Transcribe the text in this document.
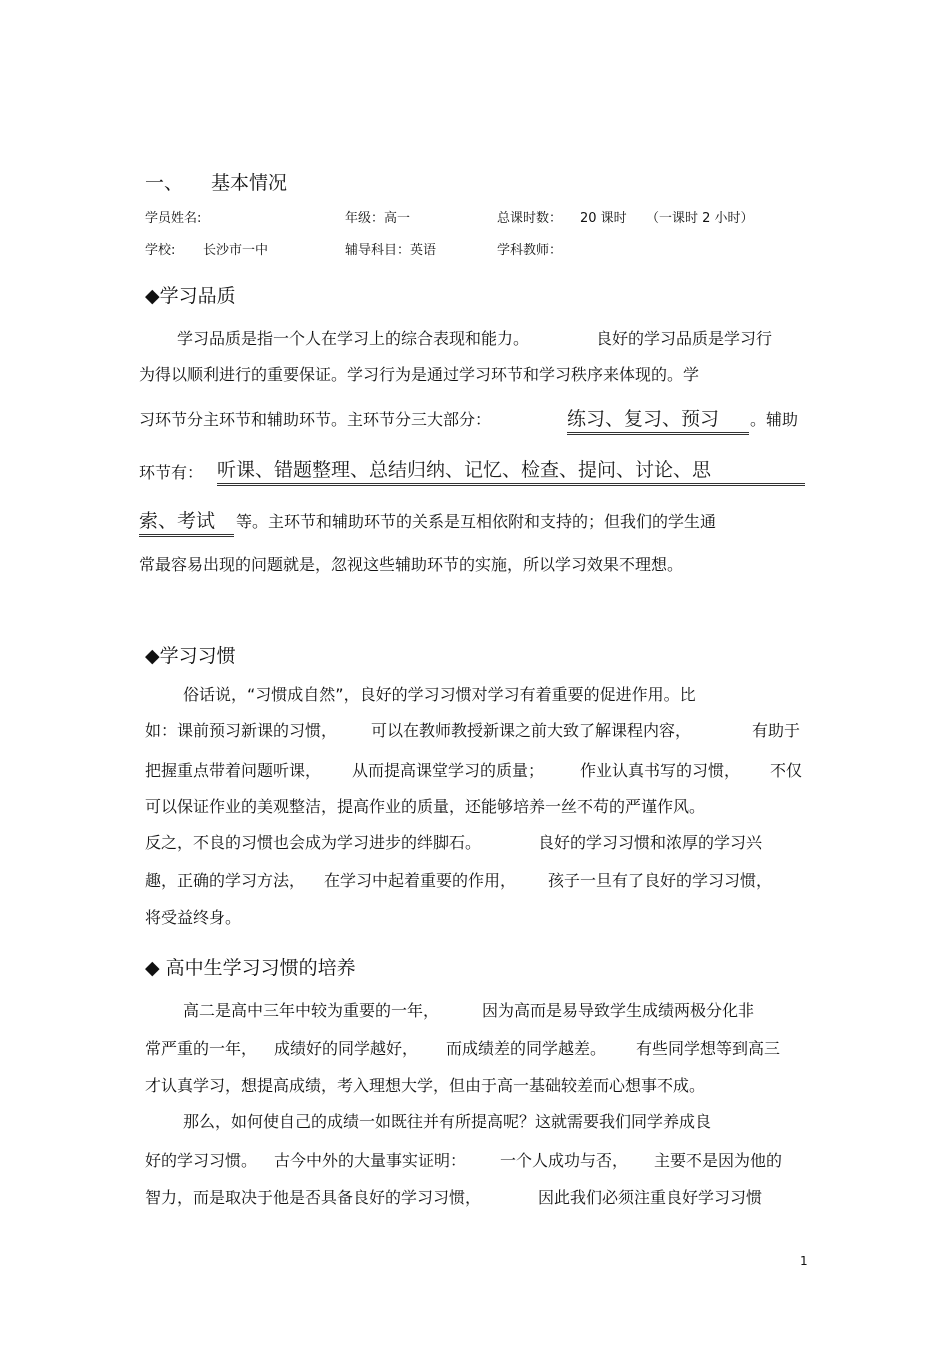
一、 基本情况
学员姓名:	年级：高一	总课时数： 20 课时 （一课时 2 小时）
学校: 长沙市一中	辅导科目：英语	学科教师：
◆学习品质
学习品质是指一个人在学习上的综合表现和能力。	良好的学习品质是学习行
为得以顺利进行的重要保证。学习行为是通过学习环节和学习秩序来体现的。学
习环节分主环节和辅助环节。主环节分三大部分：	练习、复习、预习	。辅助
环节有： 听课、错题整理、总结归纳、记忆、检查、提问、讨论、思
索、考试	等。主环节和辅助环节的关系是互相依附和支持的；但我们的学生通
常最容易出现的问题就是，忽视这些辅助环节的实施，所以学习效果不理想。
◆学习习惯
俗话说，“习惯成自然”，良好的学习习惯对学习有着重要的促进作用。比
如：课前预习新课的习惯， 可以在教师教授新课之前大致了解课程内容，	有助于
把握重点带着问题听课， 从而提高课堂学习的质量； 作业认真书写的习惯， 不仅
可以保证作业的美观整洁，提高作业的质量，还能够培养一丝不苟的严谨作风。
反之，不良的习惯也会成为学习进步的绊脚石。	良好的学习习惯和浓厚的学习兴
趣，正确的学习方法， 在学习中起着重要的作用， 孩子一旦有了良好的学习习惯，
将受益终身。
◆ 高中生学习习惯的培养
高二是高中三年中较为重要的一年，	因为高而是易导致学生成绩两极分化非
常严重的一年， 成绩好的同学越好， 而成绩差的同学越差。 有些同学想等到高三
才认真学习，想提高成绩，考入理想大学，但由于高一基础较差而心想事不成。
那么，如何使自己的成绩一如既往并有所提高呢？这就需要我们同学养成良
好的学习习惯。 古今中外的大量事实证明： 一个人成功与否， 主要不是因为他的
智力，而是取决于他是否具备良好的学习习惯，	因此我们必须注重良好学习习惯
1
